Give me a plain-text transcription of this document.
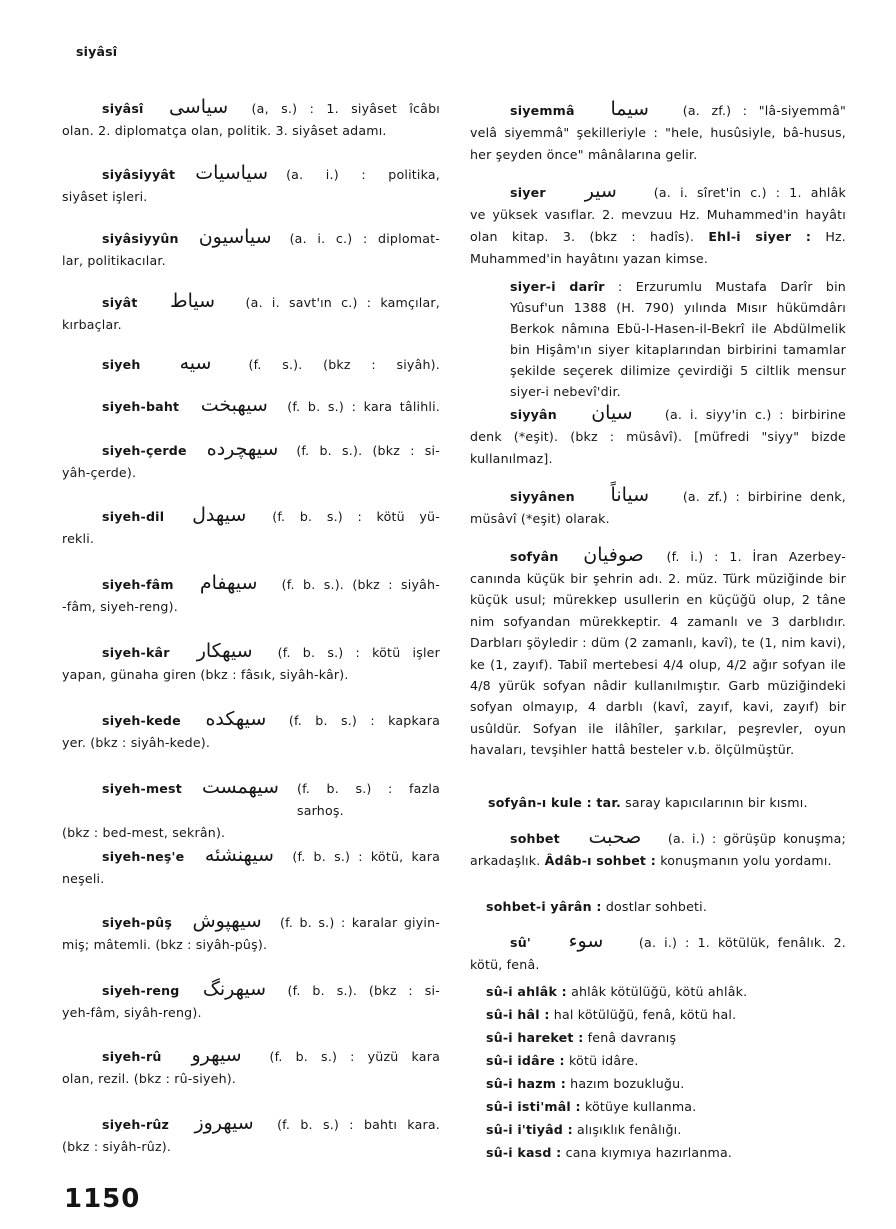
siyâsî
siyâsî سياسى	(a, s.) : 1. siyâset îcâbı
olan. 2. diplomatça olan, politik. 3. siyâset adamı.
siyâsiyyât سياسيات (a. i.) : politika,
siyâset işleri.
siyâsiyyûn سياسيون (a. i. c.) : diplomat-
lar, politikacılar.
siyât	سياط	(a. i. savt'ın c.) : kamçılar,
kırbaçlar.
siyeh	سيه	(f. s.). (bkz : siyâh).
siyeh-baht سيهبخت (f. b. s.) : kara tâlihli.
siyeh-çerde سيهچرده (f. b. s.). (bkz : si-
yâh-çerde).
siyeh-dil	سيهدل	(f. b. s.) : kötü yü-
rekli.
siyeh-fâm	سيهفام	(f. b. s.). (bkz : siyâh-
-fâm, siyeh-reng).
siyeh-kâr	سيهكار	(f. b. s.) : kötü işler
yapan, günaha giren (bkz : fâsık, siyâh-kâr).
siyeh-kede سيهكده	(f. b. s.) : kapkara
yer. (bkz : siyâh-kede).
siyeh-mest سيهمست (f. b. s.) : fazla sarhoş.
(bkz : bed-mest, sekrân).
siyeh-neş'e سيهنشئه (f. b. s.) : kötü, kara
neşeli.
siyeh-pûş سيهپوش (f. b. s.) : karalar giyin-
miş; mâtemli. (bkz : siyâh-pûş).
siyeh-reng سيهرنگ (f. b. s.). (bkz : si-
yeh-fâm, siyâh-reng).
siyeh-rû	سيهرو	(f. b. s.) : yüzü kara
olan, rezil. (bkz : rû-siyeh).
siyeh-rûz سيهروز	(f. b. s.) : bahtı kara.
(bkz : siyâh-rûz).
siyemmâ	سيما	(a. zf.) : "lâ-siyemmâ"
velâ siyemmâ" şekilleriyle : "hele, husûsiyle, bâ-husus, her şeyden önce" mânâlarına gelir.
siyer	سير	(a. i. sîret'in c.) : 1. ahlâk
ve yüksek vasıflar. 2. mevzuu Hz. Muhammed'in hayâtı olan kitap. 3. (bkz : hadîs). Ehl-i siyer : Hz. Muhammed'in hayâtını yazan kimse.
siyer-i darîr : Erzurumlu Mustafa Darîr bin Yûsuf'un 1388 (H. 790) yılında Mısır hükümdârı Berkok nâmına Ebü-l-Hasen-il-Bekrî ile Abdülmelik bin Hişâm'ın siyer kitaplarından birbirini tamamlar şekilde seçerek dilimize çevirdiği 5 ciltlik mensur siyer-i nebevî'dir.
siyyân	سيان	(a. i. siyy'in c.) : birbirine
denk (*eşit). (bkz : müsâvî). [müfredi "siyy" bizde kullanılmaz].
siyyânen	سياناً	(a. zf.) : birbirine denk,
müsâvî (*eşit) olarak.
sofyân صوفيان	(f. i.) : 1. İran Azerbey-
canında küçük bir şehrin adı. 2. müz. Türk müziğinde bir küçük usul; mürekkep usullerin en küçüğü olup, 2 tâne nim sofyandan mürekkeptir. 4 zamanlı ve 3 darblıdır. Darbları şöyledir : düm (2 zamanlı, kavî), te (1, nim kavi), ke (1, zayıf). Tabiî mertebesi 4/4 olup, 4/2 ağır sofyan ile 4/8 yürük sofyan nâdir kullanılmıştır. Garb müziğindeki sofyan olmayıp, 4 darblı (kavî, zayıf, kavi, zayıf) bir usûldür. Sofyan ile ilâhîler, şarkılar, peşrevler, oyun havaları, tevşihler hattâ besteler v.b. ölçülmüştür.
sofyân-ı kule : tar. saray kapıcılarının bir kısmı.
sohbet	صحبت	(a. i.) : görüşüp konuşma;
arkadaşlık. Âdâb-ı sohbet : konuşmanın yolu yordamı.
sohbet-i yârân : dostlar sohbeti.
sû'	سوء	(a. i.) : 1. kötülük, fenâlık. 2.
kötü, fenâ.
sû-i ahlâk : ahlâk kötülüğü, kötü ahlâk.
sû-i hâl : hal kötülüğü, fenâ, kötü hal.
sû-i hareket : fenâ davranış
sû-i idâre : kötü idâre.
sû-i hazm : hazım bozukluğu.
sû-i isti'mâl : kötüye kullanma.
sû-i i'tiyâd : alışıklık fenâlığı.
sû-i kasd : cana kıymıya hazırlanma.
1150
